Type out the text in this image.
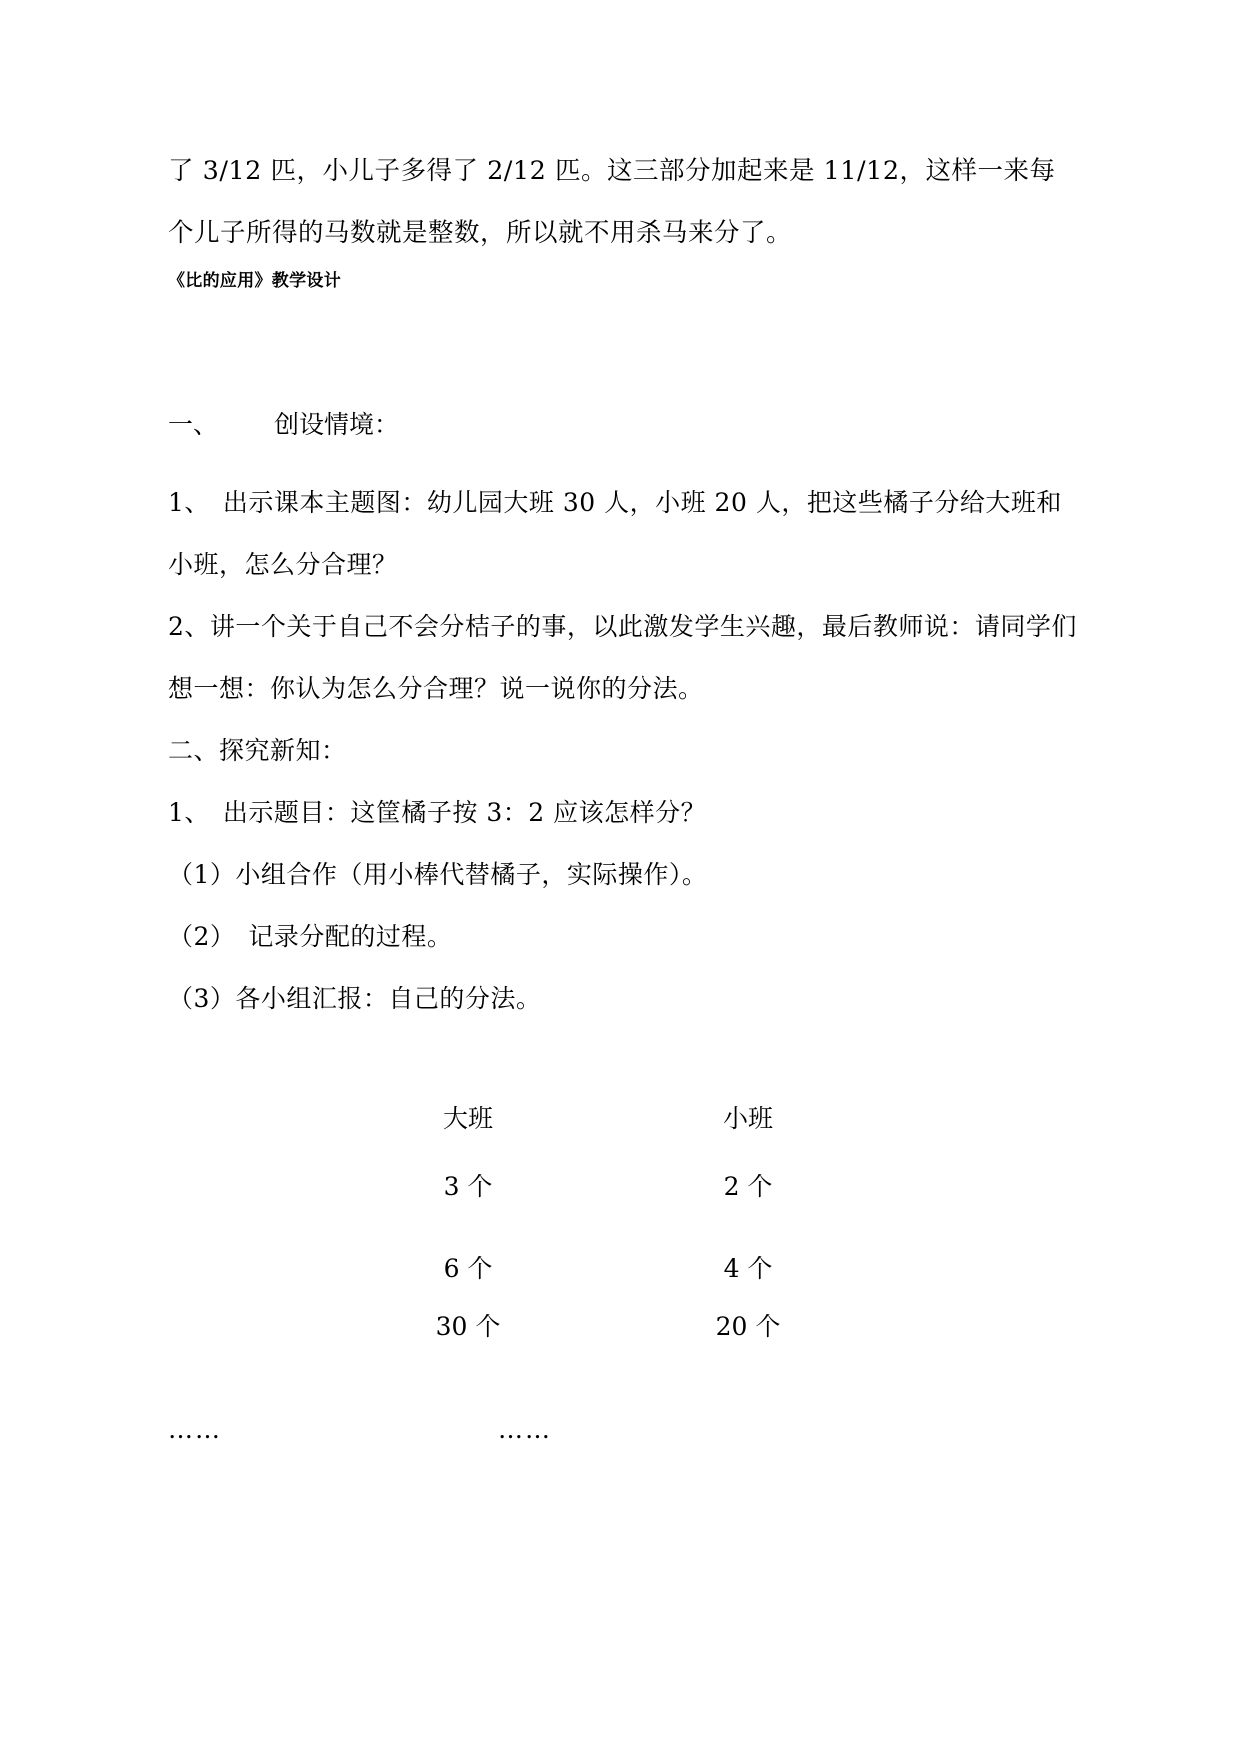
了 3/12 匹，小儿子多得了 2/12 匹。这三部分加起来是 11/12，这样一来每个儿子所得的马数就是整数，所以就不用杀马来分了。

《比的应用》教学设计

一、 创设情境：

1、　出示课本主题图：幼儿园大班 30 人，小班 20 人，把这些橘子分给大班和小班，怎么分合理？

2、讲一个关于自己不会分桔子的事，以此激发学生兴趣，最后教师说：请同学们想一想：你认为怎么分合理？说一说你的分法。

二、探究新知：

1、　出示题目：这筐橘子按 3：2 应该怎样分？

（1）小组合作（用小棒代替橘子，实际操作）。

（2）　记录分配的过程。

（3）各小组汇报：自己的分法。

大班	小班
3 个	2 个

6 个	4 个
30 个	20 个
……	……
